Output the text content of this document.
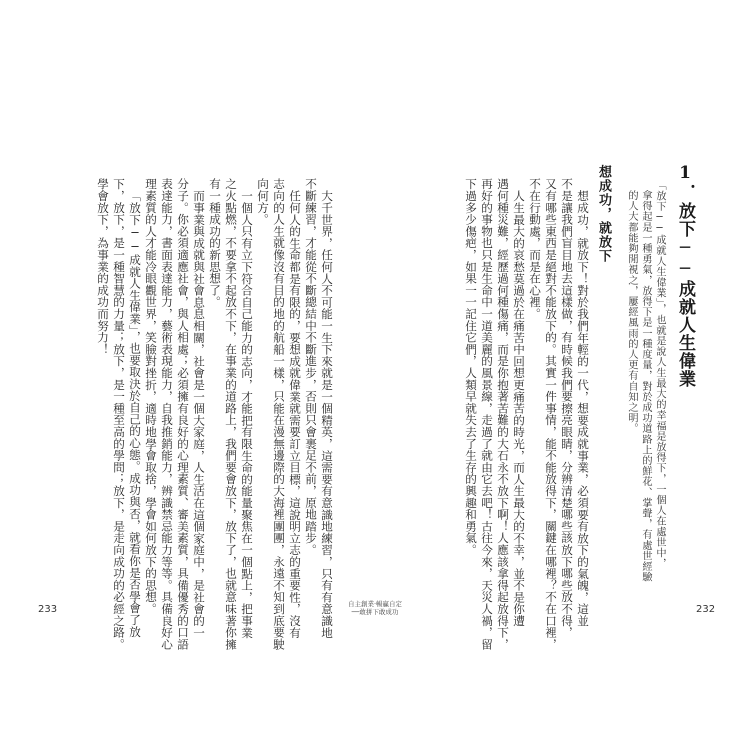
1．放下──成就人生偉業
「放下──成就人生偉業」，也就是說人生最大的幸福是放得下，一個人在處世中，
拿得起是一種勇氣，放得下是一種度量，對於成功道路上的鮮花、掌聲，有處世經驗
的人大都能夠閒視之，屢經風雨的人更有自知之明。
想成功，就放下
想成功，就放下！對於我們年輕的一代，想要成就事業，必須要有放下的氣魄，這並
不是讓我們盲目地去這樣做，有時候我們要擦亮眼睛，分辨清楚哪些該放下哪些放不得，
又有哪些東西是絕對不能放下的。其實一件事情，能不能放得下，關鍵在哪裡？不在口裡，
不在行動處，而是在心裡。
人生最大的哀愁莫過於在痛苦中回想更痛苦的時光，而人生最大的不幸，並不是你遭
遇何種災難，經歷過何種傷痛，而是你抱著苦難的大石永不放下啊！人應該拿得起放得下，
再好的事物也只是生命中一道美麗的風景線，走過了就由它去吧！古往今來，天災人禍，留
下過多少傷疤，如果一一記住它們，人類早就失去了生存的興趣和勇氣。
232
大千世界，任何人不可能一生下來就是一個精英，這需要有意識地練習，只有有意識地
不斷練習，才能從不斷總結中不斷進步，否則只會裹足不前，原地踏步。
任何人的生命都是有限的，要想成就偉業就需要訂立目標，這說明立志的重要性，沒有
志向的人生就像沒有目的地的航船一樣，只能在漫無邊際的大海裡團團，永遠不知到底要駛
向何方。
一個人只有立下符合自己能力的志向，才能把有限生命的能量聚焦在一個點上，把事業
之火點燃，不要拿不起放不下，在事業的道路上，我們要會放下，放下了，也就意味著你擁
有一種成功的新思想了。
而事業與成就與社會息息相關，社會是一個大家庭，人生活在這個家庭中，是社會的一
分子。你必須適應社會，與人相處；必須擁有良好的心理素質、審美素質，具備優秀的口語
表達能力，書面表達能力，藝術表現能力，自我推銷能力，辨識禁忌能力等等。具備良好心
理素質的人才能冷眼觀世界，笑臉對挫折，適時地學會取捨，學會如何放下的思想。
「放下──成就人生偉業」，也要取決於自己的心態。成功與否，就看你是否學會了放
下，放下，是一種智慧的力量；放下，是一種至高的學問；放下，是走向成功的必經之路。
學會放下，為事業的成功而努力！
233	自主創業‧暢贏自定
──敢拼下敢成功
